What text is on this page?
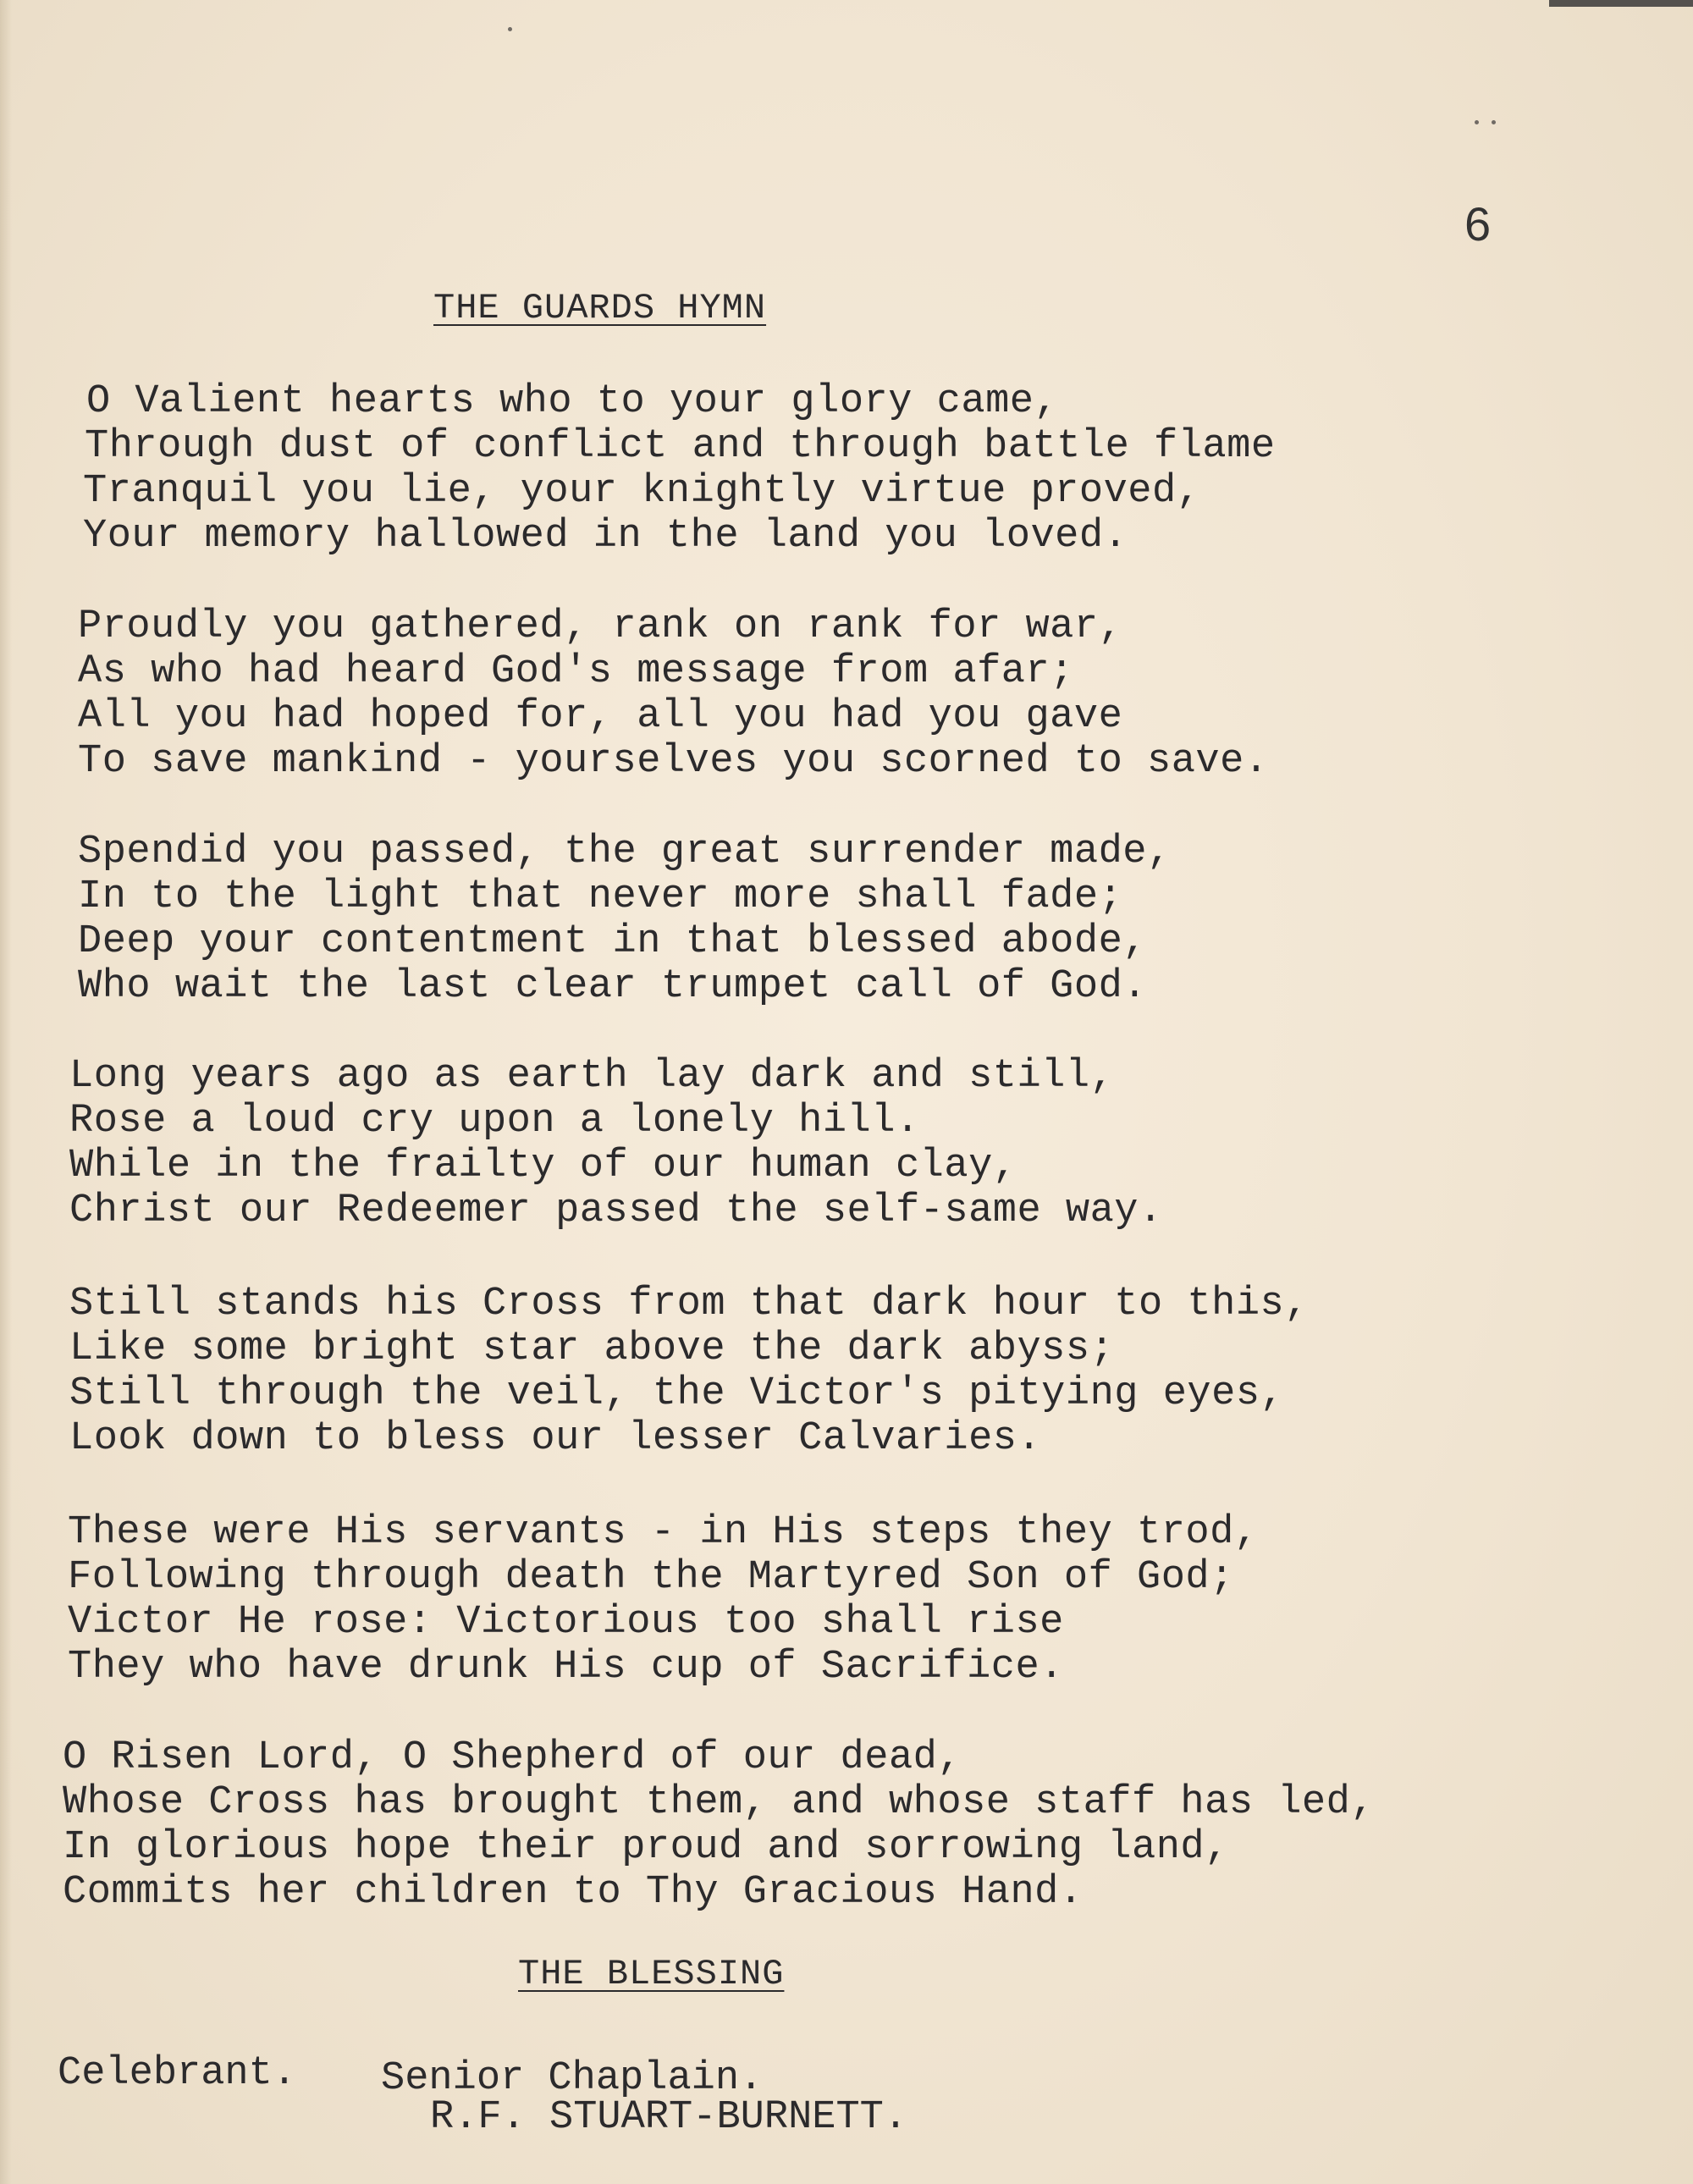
6
THE GUARDS HYMN
O Valient hearts who to your glory came,
Through dust of conflict and through battle flame
Tranquil you lie, your knightly virtue proved,
Your memory hallowed in the land you loved.
Proudly you gathered, rank on rank for war,
As who had heard God's message from afar;
All you had hoped for, all you had you gave
To save mankind - yourselves you scorned to save.
Spendid you passed, the great surrender made,
In to the light that never more shall fade;
Deep your contentment in that blessed abode,
Who wait the last clear trumpet call of God.
Long years ago as earth lay dark and still,
Rose a loud cry upon a lonely hill.
While in the frailty of our human clay,
Christ our Redeemer passed the self-same way.
Still stands his Cross from that dark hour to this,
Like some bright star above the dark abyss;
Still through the veil, the Victor's pitying eyes,
Look down to bless our lesser Calvaries.
These were His servants - in His steps they trod,
Following through death the Martyred Son of God;
Victor He rose: Victorious too shall rise
They who have drunk His cup of Sacrifice.
O Risen Lord, O Shepherd of our dead,
Whose Cross has brought them, and whose staff has led,
In glorious hope their proud and sorrowing land,
Commits her children to Thy Gracious Hand.
THE BLESSING
Celebrant. Senior Chaplain.
R.F. STUART-BURNETT.
